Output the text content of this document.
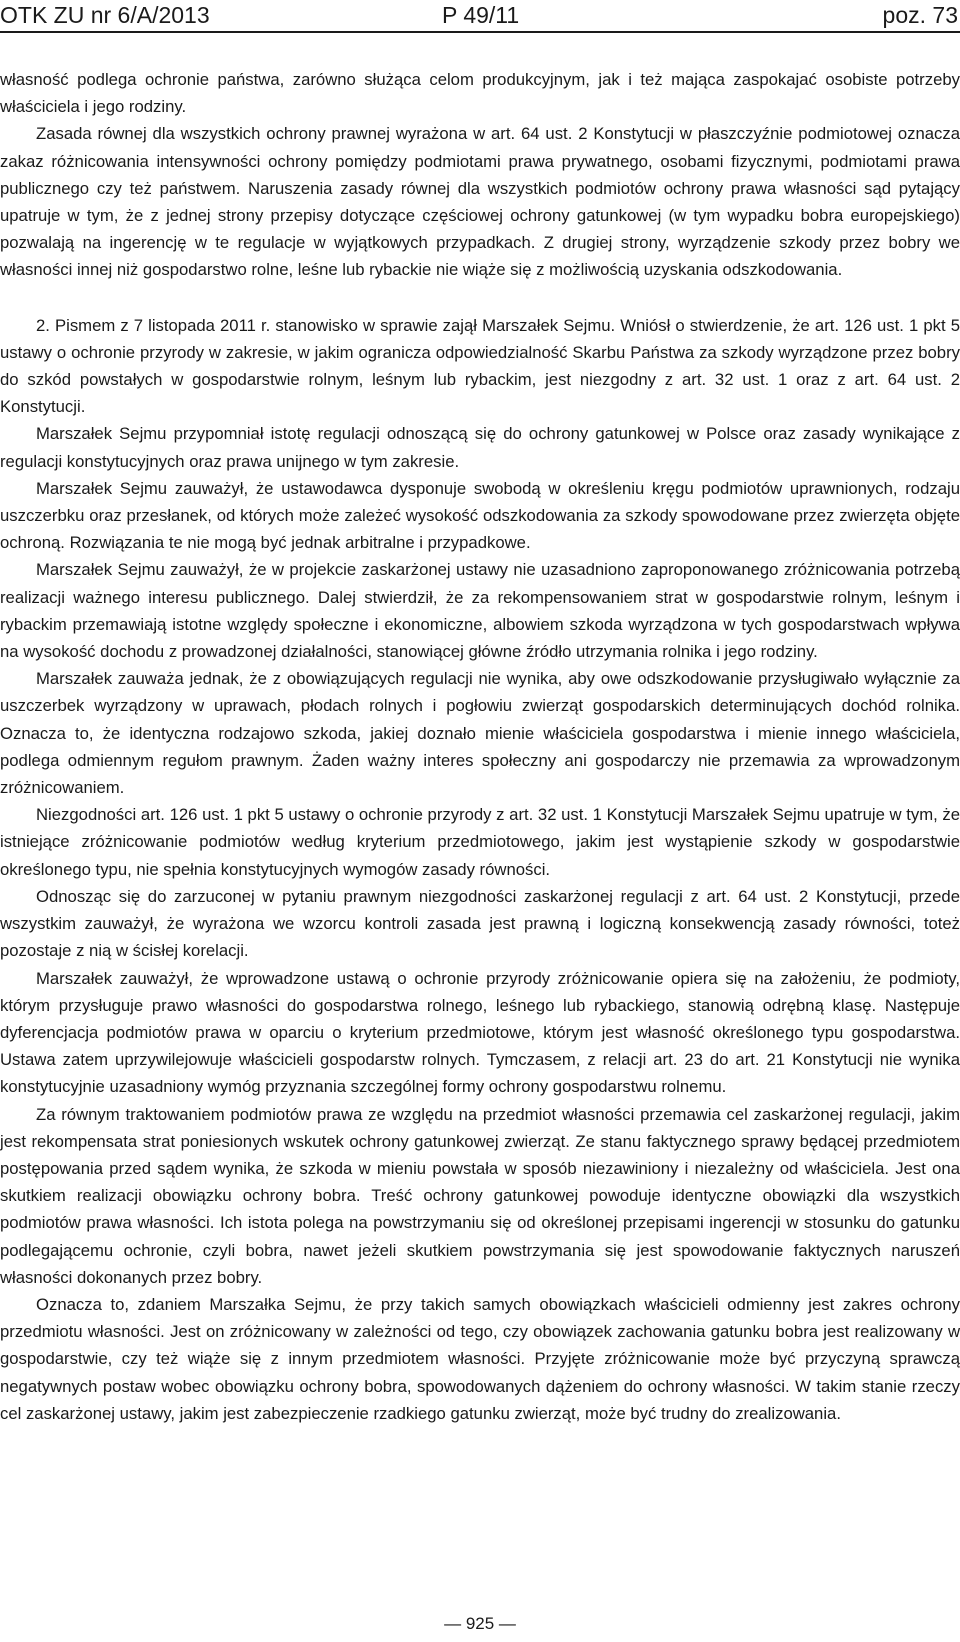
OTK ZU nr 6/A/2013	P 49/11	poz. 73

własność podlega ochronie państwa, zarówno służąca celom produkcyjnym, jak i też mająca zaspokajać osobiste potrzeby właściciela i jego rodziny.

Zasada równej dla wszystkich ochrony prawnej wyrażona w art. 64 ust. 2 Konstytucji w płaszczyźnie podmiotowej oznacza zakaz różnicowania intensywności ochrony pomiędzy podmiotami prawa prywatnego, osobami fizycznymi, podmiotami prawa publicznego czy też państwem. Naruszenia zasady równej dla wszystkich podmiotów ochrony prawa własności sąd pytający upatruje w tym, że z jednej strony przepisy dotyczące częściowej ochrony gatunkowej (w tym wypadku bobra europejskiego) pozwalają na ingerencję w te regulacje w wyjątkowych przypadkach. Z drugiej strony, wyrządzenie szkody przez bobry we własności innej niż gospodarstwo rolne, leśne lub rybackie nie wiąże się z możliwością uzyskania odszkodowania.

2. Pismem z 7 listopada 2011 r. stanowisko w sprawie zajął Marszałek Sejmu. Wniósł o stwierdzenie, że art. 126 ust. 1 pkt 5 ustawy o ochronie przyrody w zakresie, w jakim ogranicza odpowiedzialność Skarbu Państwa za szkody wyrządzone przez bobry do szkód powstałych w gospodarstwie rolnym, leśnym lub rybackim, jest niezgodny z art. 32 ust. 1 oraz z art. 64 ust. 2 Konstytucji.

Marszałek Sejmu przypomniał istotę regulacji odnoszącą się do ochrony gatunkowej w Polsce oraz zasady wynikające z regulacji konstytucyjnych oraz prawa unijnego w tym zakresie.

Marszałek Sejmu zauważył, że ustawodawca dysponuje swobodą w określeniu kręgu podmiotów uprawnionych, rodzaju uszczerbku oraz przesłanek, od których może zależeć wysokość odszkodowania za szkody spowodowane przez zwierzęta objęte ochroną. Rozwiązania te nie mogą być jednak arbitralne i przypadkowe.

Marszałek Sejmu zauważył, że w projekcie zaskarżonej ustawy nie uzasadniono zaproponowanego zróżnicowania potrzebą realizacji ważnego interesu publicznego. Dalej stwierdził, że za rekompensowaniem strat w gospodarstwie rolnym, leśnym i rybackim przemawiają istotne względy społeczne i ekonomiczne, albowiem szkoda wyrządzona w tych gospodarstwach wpływa na wysokość dochodu z prowadzonej działalności, stanowiącej główne źródło utrzymania rolnika i jego rodziny.

Marszałek zauważa jednak, że z obowiązujących regulacji nie wynika, aby owe odszkodowanie przysługiwało wyłącznie za uszczerbek wyrządzony w uprawach, płodach rolnych i pogłowiu zwierząt gospodarskich determinujących dochód rolnika. Oznacza to, że identyczna rodzajowo szkoda, jakiej doznało mienie właściciela gospodarstwa i mienie innego właściciela, podlega odmiennym regułom prawnym. Żaden ważny interes społeczny ani gospodarczy nie przemawia za wprowadzonym zróżnicowaniem.

Niezgodności art. 126 ust. 1 pkt 5 ustawy o ochronie przyrody z art. 32 ust. 1 Konstytucji Marszałek Sejmu upatruje w tym, że istniejące zróżnicowanie podmiotów według kryterium przedmiotowego, jakim jest wystąpienie szkody w gospodarstwie określonego typu, nie spełnia konstytucyjnych wymogów zasady równości.

Odnosząc się do zarzuconej w pytaniu prawnym niezgodności zaskarżonej regulacji z art. 64 ust. 2 Konstytucji, przede wszystkim zauważył, że wyrażona we wzorcu kontroli zasada jest prawną i logiczną konsekwencją zasady równości, toteż pozostaje z nią w ścisłej korelacji.

Marszałek zauważył, że wprowadzone ustawą o ochronie przyrody zróżnicowanie opiera się na założeniu, że podmioty, którym przysługuje prawo własności do gospodarstwa rolnego, leśnego lub rybackiego, stanowią odrębną klasę. Następuje dyferencjacja podmiotów prawa w oparciu o kryterium przedmiotowe, którym jest własność określonego typu gospodarstwa. Ustawa zatem uprzywilejowuje właścicieli gospodarstw rolnych. Tymczasem, z relacji art. 23 do art. 21 Konstytucji nie wynika konstytucyjnie uzasadniony wymóg przyznania szczególnej formy ochrony gospodarstwu rolnemu.

Za równym traktowaniem podmiotów prawa ze względu na przedmiot własności przemawia cel zaskarżonej regulacji, jakim jest rekompensata strat poniesionych wskutek ochrony gatunkowej zwierząt. Ze stanu faktycznego sprawy będącej przedmiotem postępowania przed sądem wynika, że szkoda w mieniu powstała w sposób niezawiniony i niezależny od właściciela. Jest ona skutkiem realizacji obowiązku ochrony bobra. Treść ochrony gatunkowej powoduje identyczne obowiązki dla wszystkich podmiotów prawa własności. Ich istota polega na powstrzymaniu się od określonej przepisami ingerencji w stosunku do gatunku podlegającemu ochronie, czyli bobra, nawet jeżeli skutkiem powstrzymania się jest spowodowanie faktycznych naruszeń własności dokonanych przez bobry.

Oznacza to, zdaniem Marszałka Sejmu, że przy takich samych obowiązkach właścicieli odmienny jest zakres ochrony przedmiotu własności. Jest on zróżnicowany w zależności od tego, czy obowiązek zachowania gatunku bobra jest realizowany w gospodarstwie, czy też wiąże się z innym przedmiotem własności. Przyjęte zróżnicowanie może być przyczyną sprawczą negatywnych postaw wobec obowiązku ochrony bobra, spowodowanych dążeniem do ochrony własności. W takim stanie rzeczy cel zaskarżonej ustawy, jakim jest zabezpieczenie rzadkiego gatunku zwierząt, może być trudny do zrealizowania.

— 925 —
